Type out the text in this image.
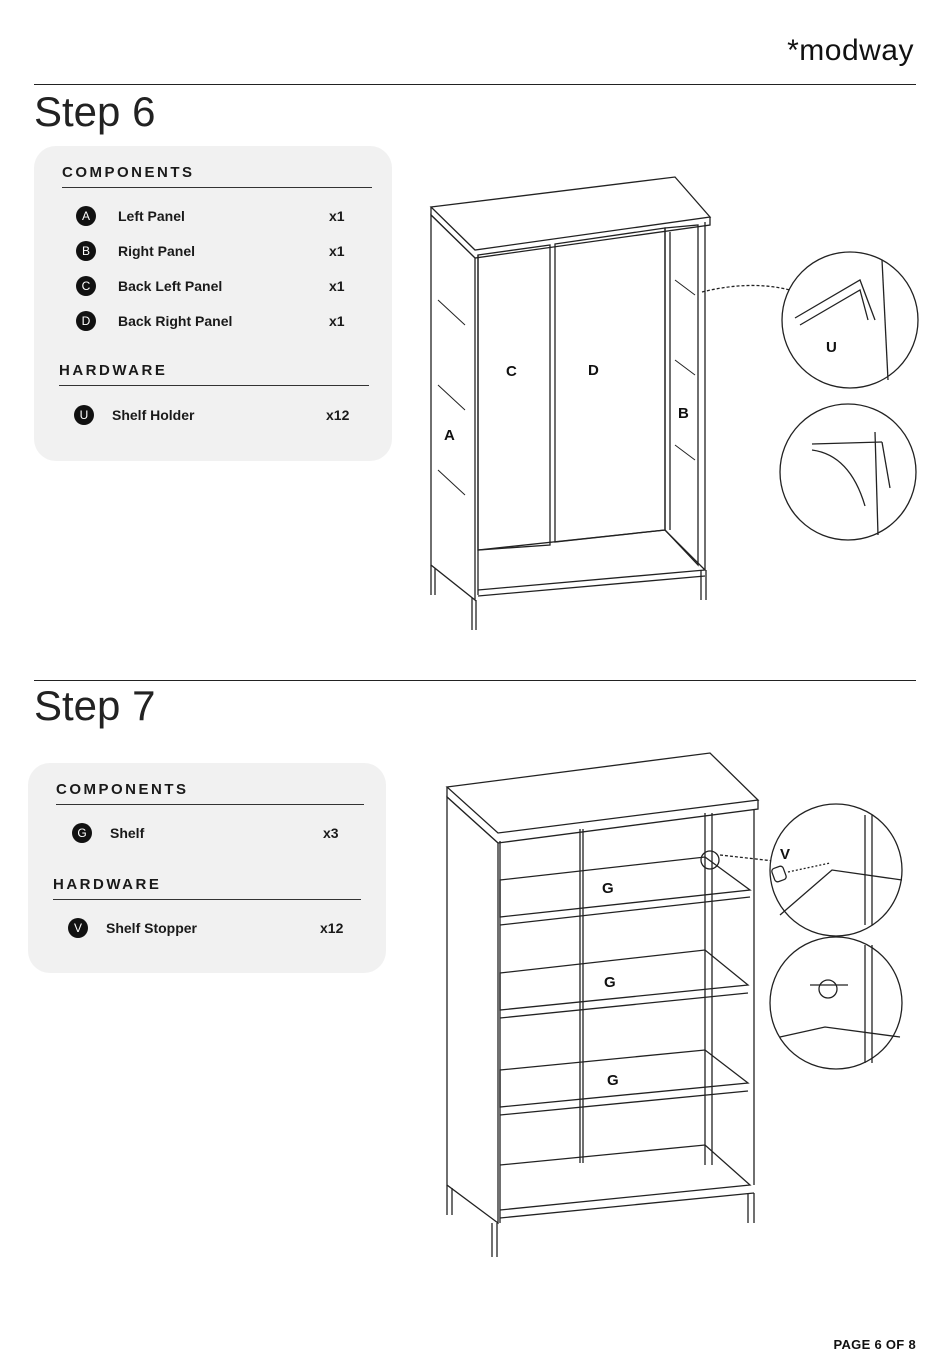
*modway
Step 6
COMPONENTS
A	Left Panel	x1
B	Right Panel	x1
C	Back Left Panel	x1
D	Back Right Panel	x1
HARDWARE
U	Shelf Holder	x12
C	D
B
A
U
Step 7
COMPONENTS
G	Shelf	x3
HARDWARE
V	Shelf Stopper	x12
G
G
G
V
PAGE 6 OF 8
